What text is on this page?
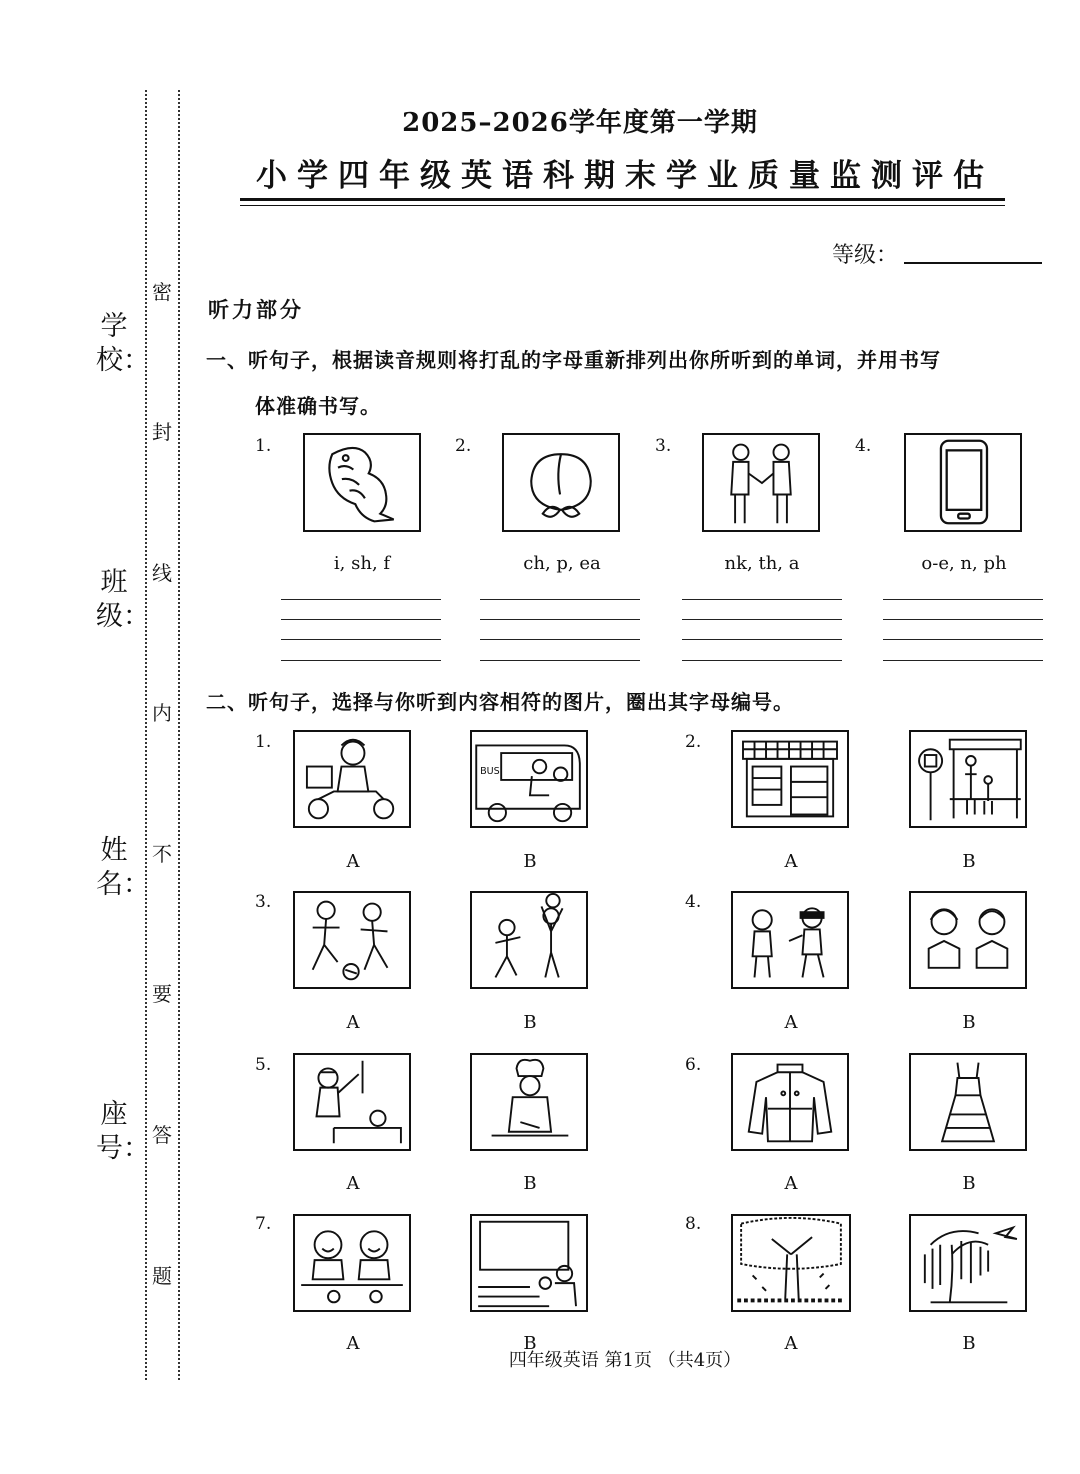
密
封
线
内
不
要
答
题
学校：
班级：
姓名：
座号：
2025–2026学年度第一学期
小学四年级英语科期末学业质量监测评估
等级：
听力部分
一、听句子，根据读音规则将打乱的字母重新排列出你所听到的单词，并用书写
体准确书写。
1.
i, sh, f
2.
ch, p, ea
3.
nk, th, a
4.
o-e, n, ph
二、听句子，选择与你听到内容相符的图片，圈出其字母编号。
1.
A
BUS
B
2.
A	B
3.
A	B
4.
A	B
5.
A	B
6.
A	B
7.
A	B
8.
A	B
四年级英语 第1页 （共4页）
